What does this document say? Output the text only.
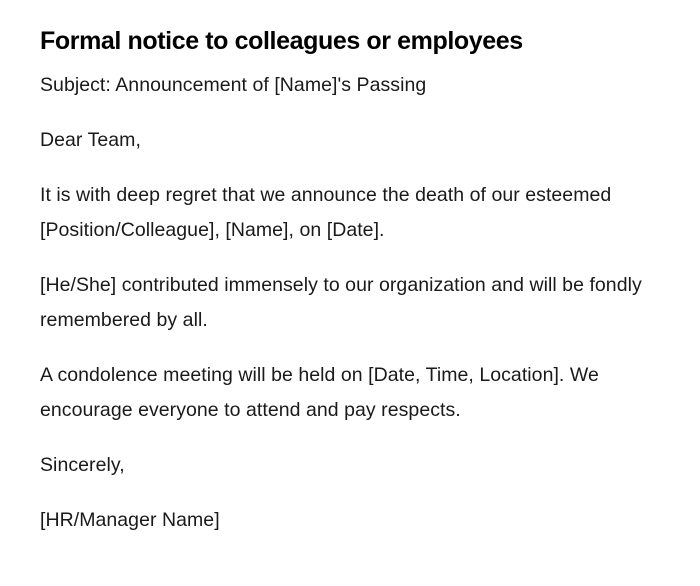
Formal notice to colleagues or employees

Subject: Announcement of [Name]'s Passing

Dear Team,

It is with deep regret that we announce the death of our esteemed [Position/Colleague], [Name], on [Date].

[He/She] contributed immensely to our organization and will be fondly remembered by all.

A condolence meeting will be held on [Date, Time, Location]. We encourage everyone to attend and pay respects.

Sincerely,

[HR/Manager Name]
